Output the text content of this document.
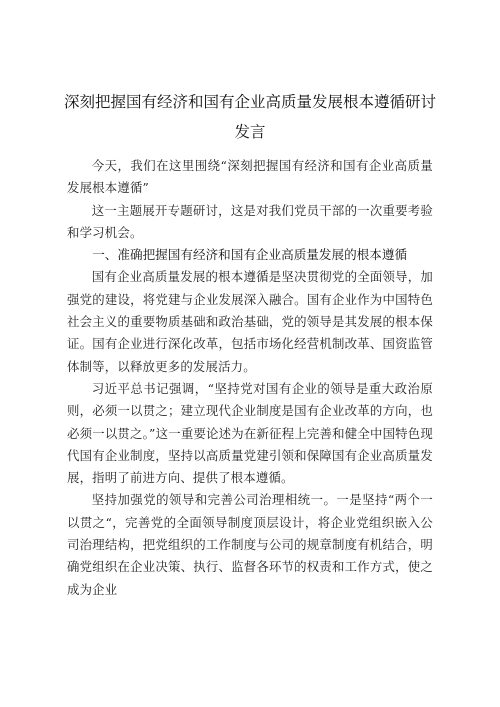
深刻把握国有经济和国有企业高质量发展根本遵循研讨
发言

今天，我们在这里围绕“深刻把握国有经济和国有企业高质量发展根本遵循”

这一主题展开专题研讨，这是对我们党员干部的一次重要考验和学习机会。

一、准确把握国有经济和国有企业高质量发展的根本遵循

国有企业高质量发展的根本遵循是坚决贯彻党的全面领导，加强党的建设，将党建与企业发展深入融合。国有企业作为中国特色社会主义的重要物质基础和政治基础，党的领导是其发展的根本保证。国有企业进行深化改革，包括市场化经营机制改革、国资监管体制等，以释放更多的发展活力。

习近平总书记强调，“坚持党对国有企业的领导是重大政治原则，必须一以贯之；建立现代企业制度是国有企业改革的方向，也必须一以贯之。”这一重要论述为在新征程上完善和健全中国特色现代国有企业制度，坚持以高质量党建引领和保障国有企业高质量发展，指明了前进方向、提供了根本遵循。

坚持加强党的领导和完善公司治理相统一。一是坚持“两个一以贯之“，完善党的全面领导制度顶层设计，将企业党组织嵌入公司治理结构，把党组织的工作制度与公司的规章制度有机结合，明确党组织在企业决策、执行、监督各环节的权责和工作方式，使之成为企业
